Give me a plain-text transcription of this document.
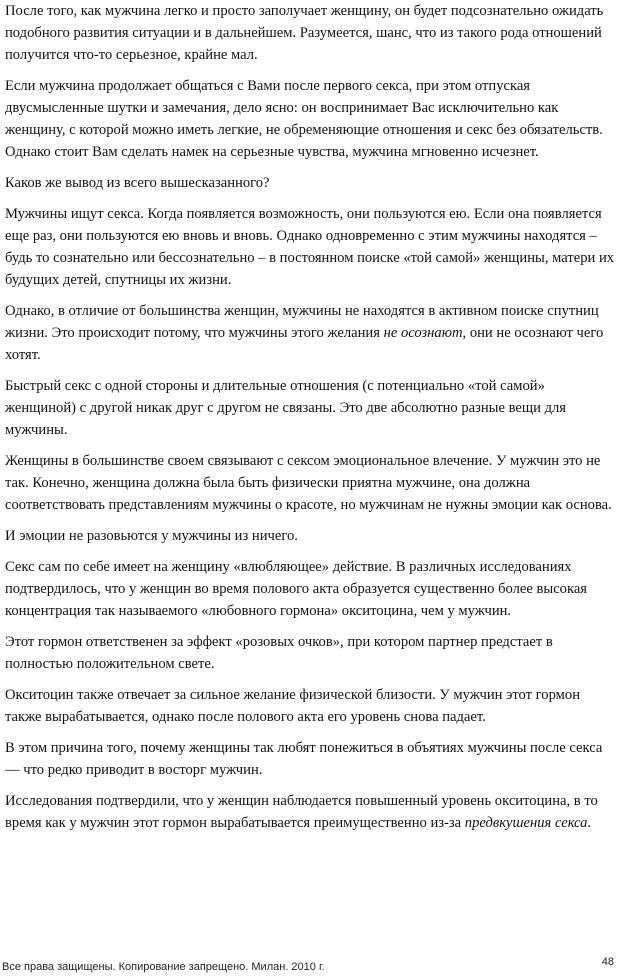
После того, как мужчина легко и просто заполучает женщину, он будет подсознательно ожидать подобного развития ситуации и в дальнейшем. Разумеется, шанс, что из такого рода отношений получится что-то серьезное, крайне мал.

Если мужчина продолжает общаться с Вами после первого секса, при этом отпуская двусмысленные шутки и замечания, дело ясно: он воспринимает Вас исключительно как женщину, с которой можно иметь легкие, не обременяющие отношения и секс без обязательств. Однако стоит Вам сделать намек на серьезные чувства, мужчина мгновенно исчезнет.

Каков же вывод из всего вышесказанного?

Мужчины ищут секса. Когда появляется возможность, они пользуются ею. Если она появляется еще раз, они пользуются ею вновь и вновь. Однако одновременно с этим мужчины находятся – будь то сознательно или бессознательно – в постоянном поиске «той самой» женщины, матери их будущих детей, спутницы их жизни.

Однако, в отличие от большинства женщин, мужчины не находятся в активном поиске спутниц жизни. Это происходит потому, что мужчины этого желания не осознают, они не осознают чего хотят.

Быстрый секс с одной стороны и длительные отношения (с потенциально «той самой» женщиной) с другой никак друг с другом не связаны. Это две абсолютно разные вещи для мужчины.

Женщины в большинстве своем связывают с сексом эмоциональное влечение. У мужчин это не так. Конечно, женщина должна была быть физически приятна мужчине, она должна соответствовать представлениям мужчины о красоте, но мужчинам не нужны эмоции как основа.

И эмоции не разовьются у мужчины из ничего.

Секс сам по себе имеет на женщину «влюбляющее» действие. В различных исследованиях подтвердилось, что у женщин во время полового акта образуется существенно более высокая концентрация так называемого «любовного гормона» окситоцина, чем у мужчин.

Этот гормон ответственен за эффект «розовых очков», при котором партнер предстает в полностью положительном свете.

Окситоцин также отвечает за сильное желание физической близости. У мужчин этот гормон также вырабатывается, однако после полового акта его уровень снова падает.

В этом причина того, почему женщины так любят понежиться в объятиях мужчины после секса — что редко приводит в восторг мужчин.

Исследования подтвердили, что у женщин наблюдается повышенный уровень окситоцина, в то время как у мужчин этот гормон вырабатывается преимущественно из-за предвкушения секса.

Все права защищены. Копирование запрещено. Милан. 2010 г.	48
